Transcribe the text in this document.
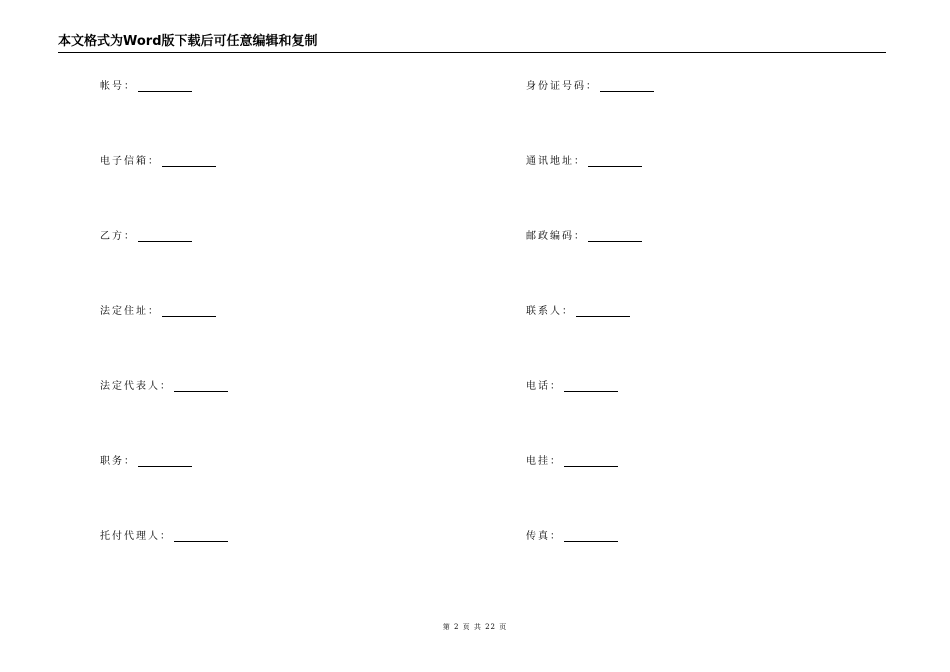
本文格式为Word版下载后可任意编辑和复制
帐号：
电子信箱：
乙方：
法定住址：
法定代表人：
职务：
托付代理人：
身份证号码：
通讯地址：
邮政编码：
联系人：
电话：
电挂：
传真：
第 2 页 共 22 页
